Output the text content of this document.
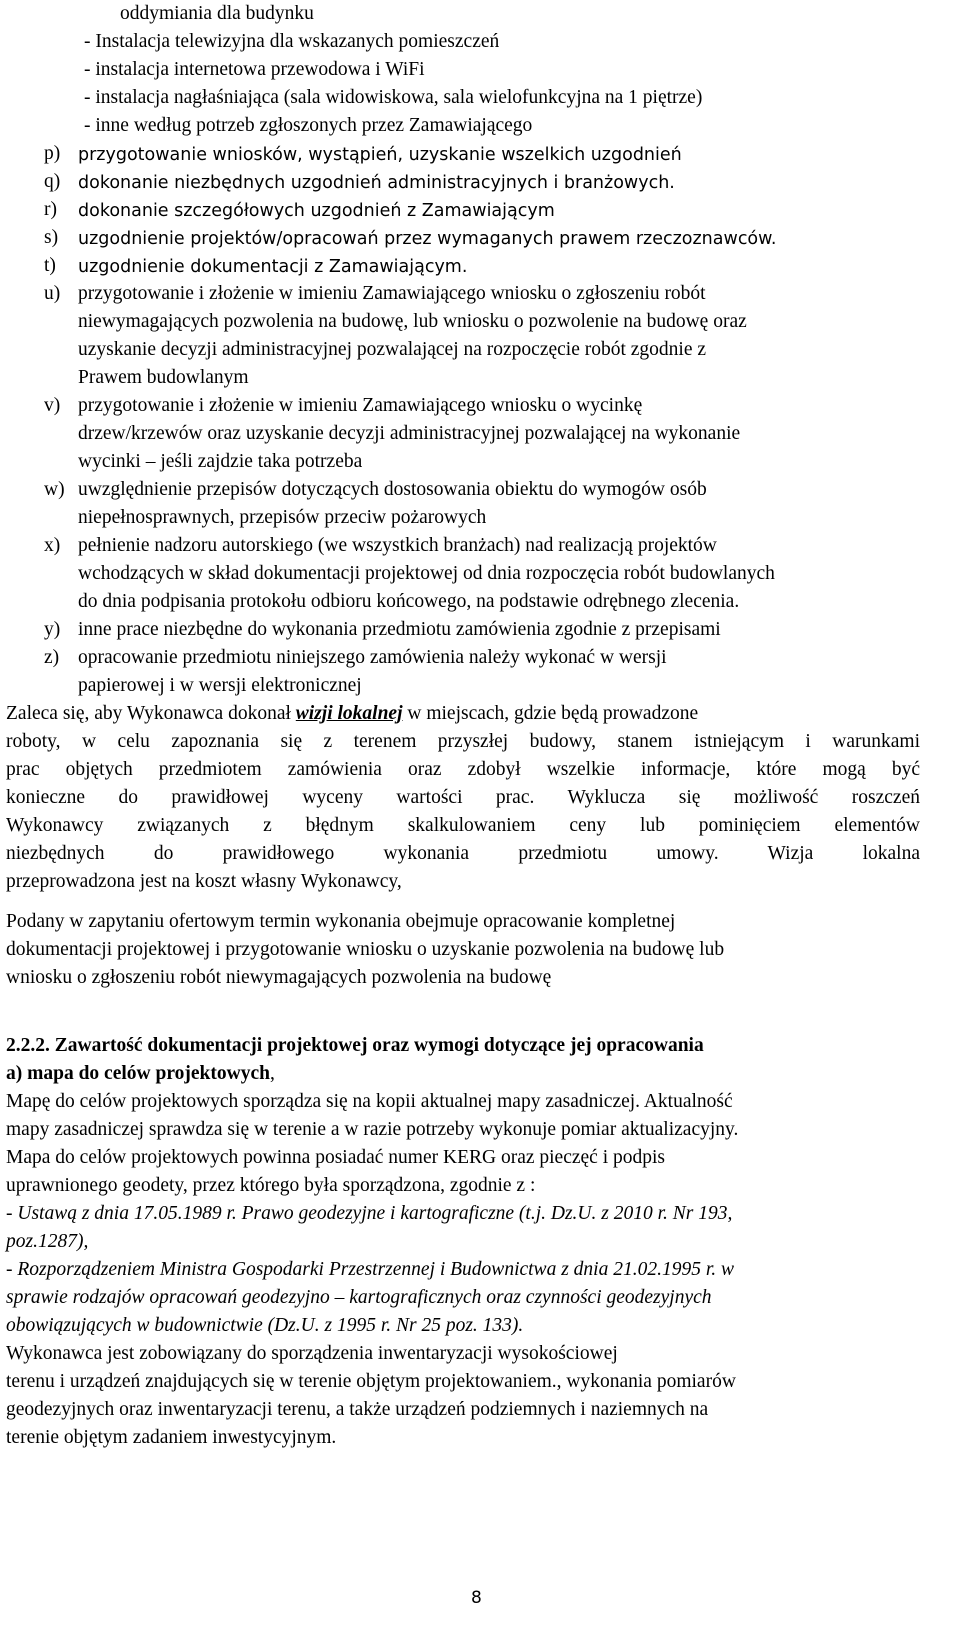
oddymiania dla budynku
- Instalacja telewizyjna dla wskazanych pomieszczeń
- instalacja internetowa przewodowa i WiFi
- instalacja nagłaśniająca (sala widowiskowa, sala wielofunkcyjna na 1 piętrze)
- inne według potrzeb zgłoszonych przez Zamawiającego
p) przygotowanie wniosków, wystąpień, uzyskanie wszelkich uzgodnień
q) dokonanie niezbędnych uzgodnień administracyjnych i branżowych.
r) dokonanie szczegółowych uzgodnień z Zamawiającym
s) uzgodnienie projektów/opracowań przez wymaganych prawem rzeczoznawców.
t) uzgodnienie dokumentacji z Zamawiającym.
u) przygotowanie i złożenie w imieniu Zamawiającego wniosku o zgłoszeniu robót
niewymagających pozwolenia na budowę, lub wniosku o pozwolenie na budowę oraz
uzyskanie decyzji administracyjnej pozwalającej na rozpoczęcie robót zgodnie z
Prawem budowlanym
v) przygotowanie i złożenie w imieniu Zamawiającego wniosku o wycinkę
drzew/krzewów oraz uzyskanie decyzji administracyjnej pozwalającej na wykonanie
wycinki – jeśli zajdzie taka potrzeba
w) uwzględnienie przepisów dotyczących dostosowania obiektu do wymogów osób
niepełnosprawnych, przepisów przeciw pożarowych
x) pełnienie nadzoru autorskiego (we wszystkich branżach) nad realizacją projektów
wchodzących w skład dokumentacji projektowej od dnia rozpoczęcia robót budowlanych
do dnia podpisania protokołu odbioru końcowego, na podstawie odrębnego zlecenia.
y) inne prace niezbędne do wykonania przedmiotu zamówienia zgodnie z przepisami
z) opracowanie przedmiotu niniejszego zamówienia należy wykonać w wersji
papierowej i w wersji elektronicznej
Zaleca się, aby Wykonawca dokonał wizji lokalnej w miejscach, gdzie będą prowadzone
roboty, w celu zapoznania się z terenem przyszłej budowy, stanem istniejącym i warunkami
prac objętych przedmiotem zamówienia oraz zdobył wszelkie informacje, które mogą być
konieczne do prawidłowej wyceny wartości prac. Wyklucza się możliwość roszczeń
Wykonawcy związanych z błędnym skalkulowaniem ceny lub pominięciem elementów
niezbędnych do prawidłowego wykonania przedmiotu umowy. Wizja lokalna
przeprowadzona jest na koszt własny Wykonawcy,
Podany w zapytaniu ofertowym termin wykonania obejmuje opracowanie kompletnej
dokumentacji projektowej i przygotowanie wniosku o uzyskanie pozwolenia na budowę lub
wniosku o zgłoszeniu robót niewymagających pozwolenia na budowę
2.2.2. Zawartość dokumentacji projektowej oraz wymogi dotyczące jej opracowania
a) mapa do celów projektowych,
Mapę do celów projektowych sporządza się na kopii aktualnej mapy zasadniczej. Aktualność
mapy zasadniczej sprawdza się w terenie a w razie potrzeby wykonuje pomiar aktualizacyjny.
Mapa do celów projektowych powinna posiadać numer KERG oraz pieczęć i podpis
uprawnionego geodety, przez którego była sporządzona, zgodnie z :
- Ustawą z dnia 17.05.1989 r. Prawo geodezyjne i kartograficzne (t.j. Dz.U. z 2010 r. Nr 193,
poz.1287),
- Rozporządzeniem Ministra Gospodarki Przestrzennej i Budownictwa z dnia 21.02.1995 r. w
sprawie rodzajów opracowań geodezyjno – kartograficznych oraz czynności geodezyjnych
obowiązujących w budownictwie (Dz.U. z 1995 r. Nr 25 poz. 133).
Wykonawca jest zobowiązany do sporządzenia inwentaryzacji wysokościowej
terenu i urządzeń znajdujących się w terenie objętym projektowaniem., wykonania pomiarów
geodezyjnych oraz inwentaryzacji terenu, a także urządzeń podziemnych i naziemnych na
terenie objętym zadaniem inwestycyjnym.
8
